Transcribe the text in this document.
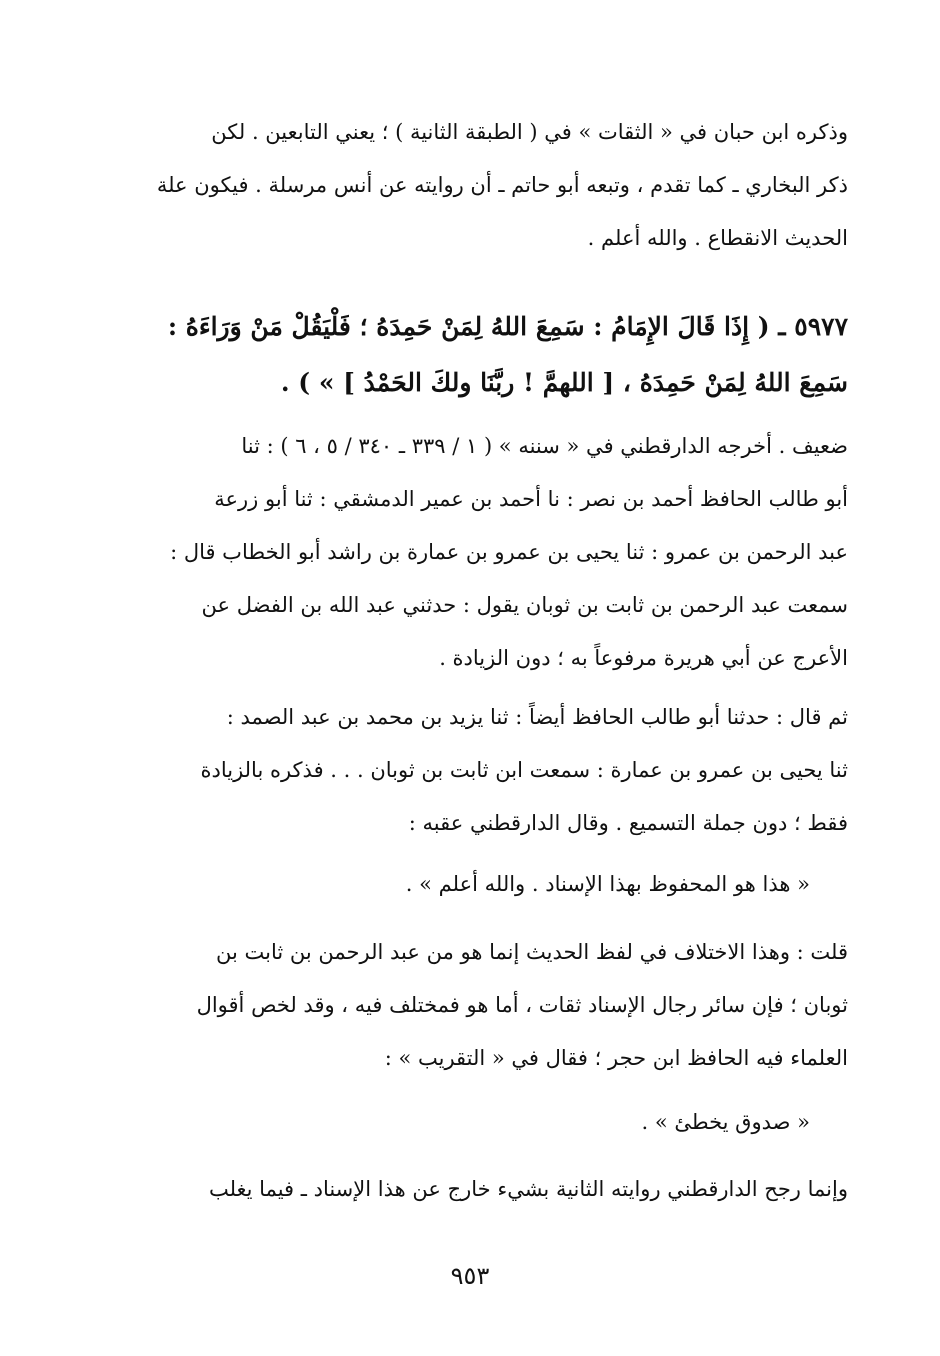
وذكره ابن حبان في « الثقات » في ( الطبقة الثانية ) ؛ يعني التابعين . لكن
ذكر البخاري ـ كما تقدم ، وتبعه أبو حاتم ـ أن روايته عن أنس مرسلة . فيكون علة
الحديث الانقطاع . والله أعلم .
٥٩٧٧ ـ ( إِذَا قَالَ الإِمَامُ : سَمِعَ اللهُ لِمَنْ حَمِدَهُ ؛ فَلْيَقُلْ مَنْ وَرَاءَهُ :
سَمِعَ اللهُ لِمَنْ حَمِدَهُ ، [ اللهمَّ ! ربَّنَا ولكَ الحَمْدُ ] » ) .
ضعيف . أخرجه الدارقطني في « سننه » ( ١ / ٣٣٩ ـ ٣٤٠ / ٥ ، ٦ ) : ثنا
أبو طالب الحافظ أحمد بن نصر : نا أحمد بن عمير الدمشقي : ثنا أبو زرعة
عبد الرحمن بن عمرو : ثنا يحيى بن عمرو بن عمارة بن راشد أبو الخطاب قال :
سمعت عبد الرحمن بن ثابت بن ثوبان يقول : حدثني عبد الله بن الفضل عن
الأعرج عن أبي هريرة مرفوعاً به ؛ دون الزيادة .
ثم قال : حدثنا أبو طالب الحافظ أيضاً : ثنا يزيد بن محمد بن عبد الصمد :
ثنا يحيى بن عمرو بن عمارة : سمعت ابن ثابت بن ثوبان . . . فذكره بالزيادة
فقط ؛ دون جملة التسميع . وقال الدارقطني عقبه :
« هذا هو المحفوظ بهذا الإسناد . والله أعلم » .
قلت : وهذا الاختلاف في لفظ الحديث إنما هو من عبد الرحمن بن ثابت بن
ثوبان ؛ فإن سائر رجال الإسناد ثقات ، أما هو فمختلف فيه ، وقد لخص أقوال
العلماء فيه الحافظ ابن حجر ؛ فقال في « التقريب » :
« صدوق يخطئ » .
وإنما رجح الدارقطني روايته الثانية بشيء خارج عن هذا الإسناد ـ فيما يغلب
٩٥٣
